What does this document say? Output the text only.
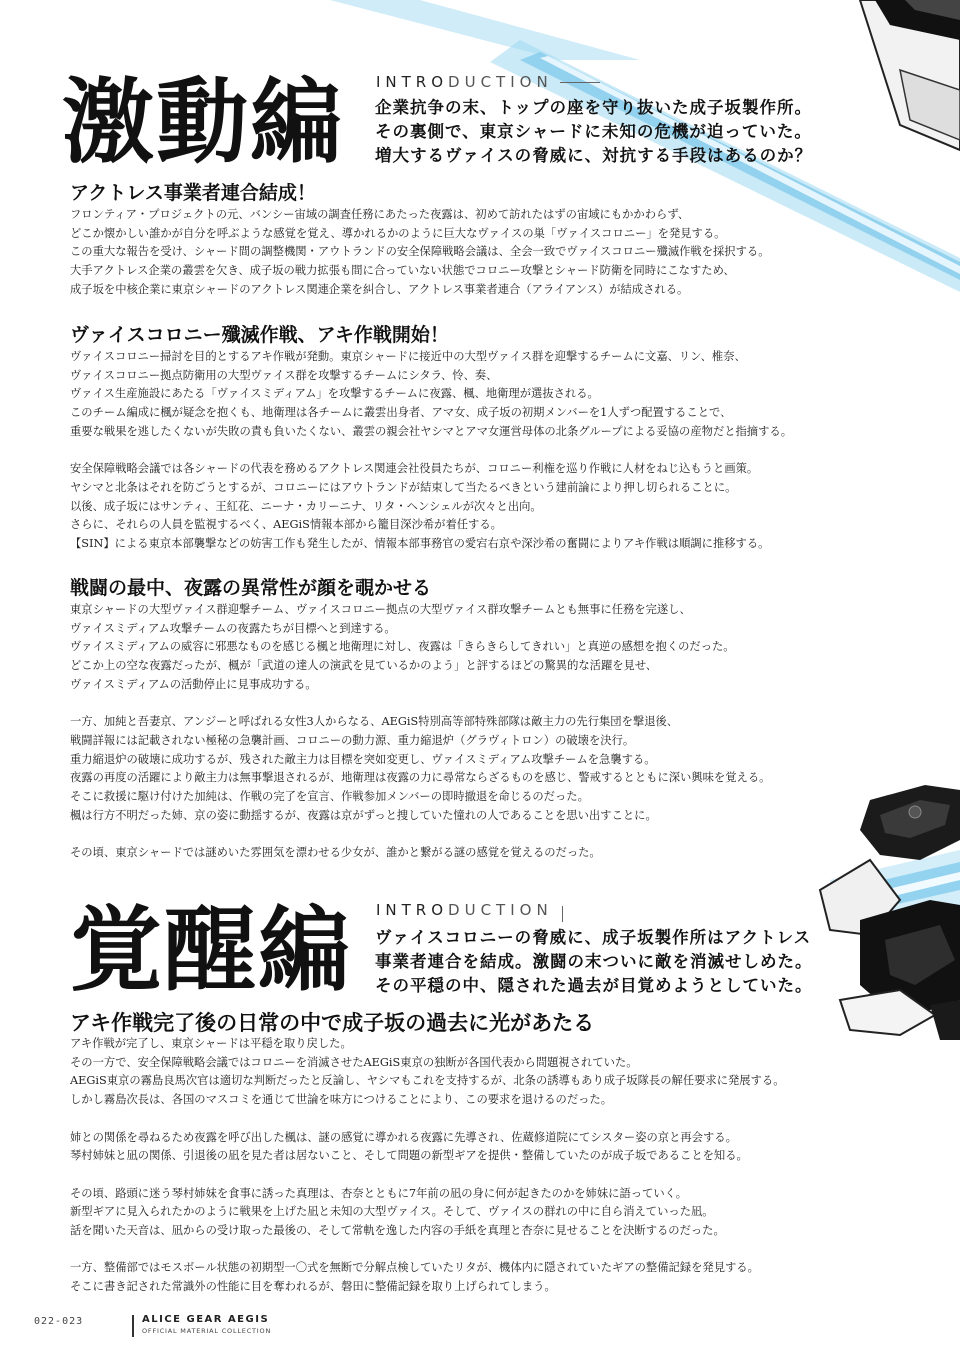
激動編 INTRODUCTION
企業抗争の末、トップの座を守り抜いた成子坂製作所。
その裏側で、東京シャードに未知の危機が迫っていた。
増大するヴァイスの脅威に、対抗する手段はあるのか？
アクトレス事業者連合結成！
フロンティア・プロジェクトの元、バンシー宙域の調査任務にあたった夜露は、初めて訪れたはずの宙域にもかかわらず、
どこか懐かしい誰かが自分を呼ぶような感覚を覚え、導かれるかのように巨大なヴァイスの巣「ヴァイスコロニー」を発見する。
この重大な報告を受け、シャード間の調整機関・アウトランドの安全保障戦略会議は、全会一致でヴァイスコロニー殲滅作戦を採択する。
大手アクトレス企業の叢雲を欠き、成子坂の戦力拡張も間に合っていない状態でコロニー攻撃とシャード防衛を同時にこなすため、
成子坂を中核企業に東京シャードのアクトレス関連企業を糾合し、アクトレス事業者連合（アライアンス）が結成される。
ヴァイスコロニー殲滅作戦、アキ作戦開始！
ヴァイスコロニー掃討を目的とするアキ作戦が発動。東京シャードに接近中の大型ヴァイス群を迎撃するチームに文嘉、リン、椎奈、
ヴァイスコロニー拠点防衛用の大型ヴァイス群を攻撃するチームにシタラ、怜、奏、
ヴァイス生産施設にあたる「ヴァイスミディアム」を攻撃するチームに夜露、楓、地衛理が選抜される。
このチーム編成に楓が疑念を抱くも、地衛理は各チームに叢雲出身者、アマ女、成子坂の初期メンバーを1人ずつ配置することで、
重要な戦果を逃したくないが失敗の責も負いたくない、叢雲の親会社ヤシマとアマ女運営母体の北条グループによる妥協の産物だと指摘する。

安全保障戦略会議では各シャードの代表を務めるアクトレス関連会社役員たちが、コロニー利権を巡り作戦に人材をねじ込もうと画策。
ヤシマと北条はそれを防ごうとするが、コロニーにはアウトランドが結束して当たるべきという建前論により押し切られることに。
以後、成子坂にはサンティ、王紅花、ニーナ・カリーニナ、リタ・ヘンシェルが次々と出向。
さらに、それらの人員を監視するべく、AEGiS情報本部から籠目深沙希が着任する。
【SIN】による東京本部襲撃などの妨害工作も発生したが、情報本部事務官の愛宕右京や深沙希の奮闘によりアキ作戦は順調に推移する。
戦闘の最中、夜露の異常性が顔を覗かせる
東京シャードの大型ヴァイス群迎撃チーム、ヴァイスコロニー拠点の大型ヴァイス群攻撃チームとも無事に任務を完遂し、
ヴァイスミディアム攻撃チームの夜露たちが目標へと到達する。
ヴァイスミディアムの威容に邪悪なものを感じる楓と地衛理に対し、夜露は「きらきらしてきれい」と真逆の感想を抱くのだった。
どこか上の空な夜露だったが、楓が「武道の達人の演武を見ているかのよう」と評するほどの驚異的な活躍を見せ、
ヴァイスミディアムの活動停止に見事成功する。

一方、加純と吾妻京、アンジーと呼ばれる女性3人からなる、AEGiS特別高等部特殊部隊は敵主力の先行集団を撃退後、
戦闘詳報には記載されない極秘の急襲計画、コロニーの動力源、重力縮退炉（グラヴィトロン）の破壊を決行。
重力縮退炉の破壊に成功するが、残された敵主力は目標を突如変更し、ヴァイスミディアム攻撃チームを急襲する。
夜露の再度の活躍により敵主力は無事撃退されるが、地衛理は夜露の力に尋常ならざるものを感じ、警戒するとともに深い興味を覚える。
そこに救援に駆け付けた加純は、作戦の完了を宣言、作戦参加メンバーの即時撤退を命じるのだった。
楓は行方不明だった姉、京の姿に動揺するが、夜露は京がずっと捜していた憧れの人であることを思い出すことに。

その頃、東京シャードでは謎めいた雰囲気を漂わせる少女が、誰かと繋がる謎の感覚を覚えるのだった。
覚醒編 INTRODUCTION
ヴァイスコロニーの脅威に、成子坂製作所はアクトレス
事業者連合を結成。激闘の末ついに敵を消滅せしめた。
その平穏の中、隠された過去が目覚めようとしていた。
アキ作戦完了後の日常の中で成子坂の過去に光があたる
アキ作戦が完了し、東京シャードは平穏を取り戻した。
その一方で、安全保障戦略会議ではコロニーを消滅させたAEGiS東京の独断が各国代表から問題視されていた。
AEGiS東京の霧島良馬次官は適切な判断だったと反論し、ヤシマもこれを支持するが、北条の誘導もあり成子坂隊長の解任要求に発展する。
しかし霧島次長は、各国のマスコミを通じて世論を味方につけることにより、この要求を退けるのだった。

姉との関係を尋ねるため夜露を呼び出した楓は、謎の感覚に導かれる夜露に先導され、佐蔵修道院にてシスター姿の京と再会する。
琴村姉妹と凪の関係、引退後の凪を見た者は居ないこと、そして問題の新型ギアを提供・整備していたのが成子坂であることを知る。

その頃、路頭に迷う琴村姉妹を食事に誘った真理は、杏奈とともに7年前の凪の身に何が起きたのかを姉妹に語っていく。
新型ギアに見入られたかのように戦果を上げた凪と未知の大型ヴァイス。そして、ヴァイスの群れの中に自ら消えていった凪。
話を聞いた天音は、凪からの受け取った最後の、そして常軌を逸した内容の手紙を真理と杏奈に見せることを決断するのだった。

一方、整備部ではモスボール状態の初期型一〇式を無断で分解点検していたリタが、機体内に隠されていたギアの整備記録を発見する。
そこに書き記された常識外の性能に目を奪われるが、磐田に整備記録を取り上げられてしまう。
022-023	ALICE GEAR AEGIS
OFFICIAL MATERIAL COLLECTION
